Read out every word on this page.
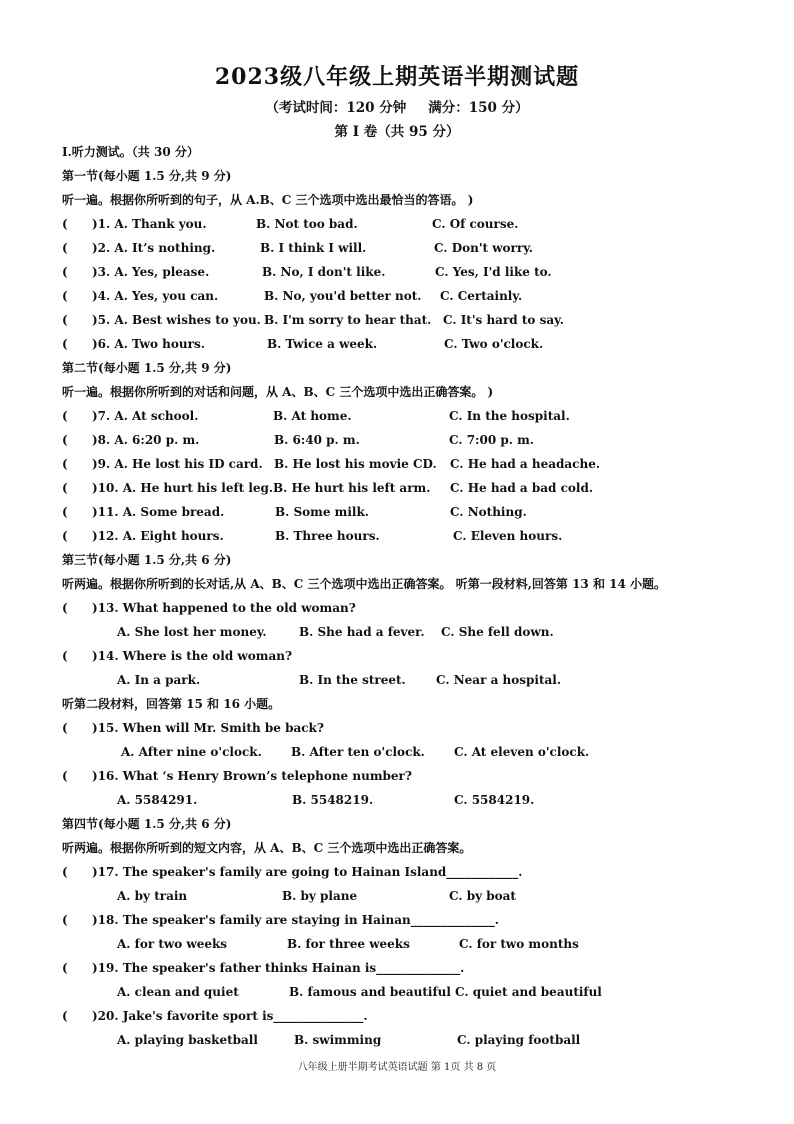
2023级八年级上期英语半期测试题
（考试时间：120 分钟 满分：150 分）
第 I 卷（共 95 分）
I.听力测试。（共 30 分）
第一节(每小题 1.5 分,共 9 分)
听一遍。根据你所听到的句子，从 A.B、C 三个选项中选出最恰当的答语。 )
( )1. A. Thank you.	B. Not too bad.	C. Of course.
( )2. A. It’s nothing.	B. I think I will.	C. Don't worry.
( )3. A. Yes, please.	B. No, I don't like.	C. Yes, I'd like to.
( )4. A. Yes, you can.	B. No, you'd better not. C. Certainly.
( )5. A. Best wishes to you. B. I'm sorry to hear that. C. It's hard to say.
( )6. A. Two hours.	B. Twice a week.	C. Two o'clock.
第二节(每小题 1.5 分,共 9 分)
听一遍。根据你所听到的对话和问题，从 A、B、C 三个选项中选出正确答案。 )
( )7. A. At school.	B. At home.	C. In the hospital.
( )8. A. 6:20 p. m.	B. 6:40 p. m.	C. 7:00 p. m.
( )9. A. He lost his ID card. B. He lost his movie CD. C. He had a headache.
( )10. A. He hurt his left leg. B. He hurt his left arm. C. He had a bad cold.
( )11. A. Some bread.	B. Some milk.	C. Nothing.
( )12. A. Eight hours.	B. Three hours.	C. Eleven hours.
第三节(每小题 1.5 分,共 6 分)
听两遍。根据你所听到的长对话,从 A、B、C 三个选项中选出正确答案。 听第一段材料,回答第 13 和 14 小题。
( )13. What happened to the old woman?
A. She lost her money.	B. She had a fever. C. She fell down.
( )14. Where is the old woman?
A. In a park.	B. In the street.	C. Near a hospital.
听第二段材料，回答第 15 和 16 小题。
( )15. When will Mr. Smith be back?
A. After nine o'clock. B. After ten o'clock. C. At eleven o'clock.
( )16. What ‘s Henry Brown’s telephone number?
A. 5584291.	B. 5548219.	C. 5584219.
第四节(每小题 1.5 分,共 6 分)
听两遍。根据你所听到的短文内容，从 A、B、C 三个选项中选出正确答案。
( )17. The speaker's family are going to Hainan Island____________.
A. by train	B. by plane	C. by boat
( )18. The speaker's family are staying in Hainan______________.
A. for two weeks	B. for three weeks	C. for two months
( )19. The speaker's father thinks Hainan is______________.
A. clean and quiet	B. famous and beautiful C. quiet and beautiful
( )20. Jake's favorite sport is_______________.
A. playing basketball	B. swimming	C. playing football
八年级上册半期考试英语试题 第 1页 共 8 页
